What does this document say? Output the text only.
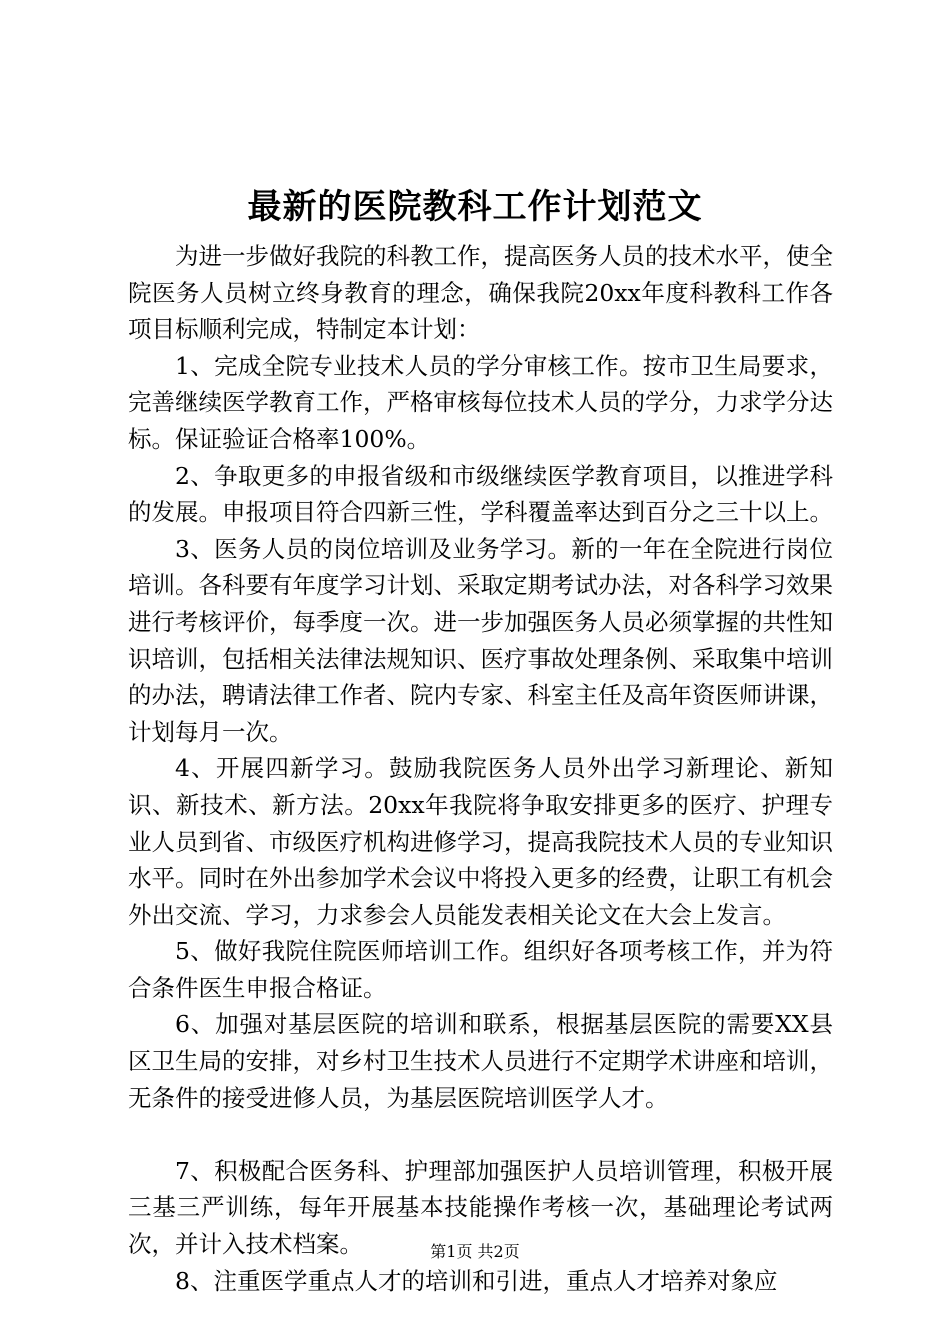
最新的医院教科工作计划范文

为进一步做好我院的科教工作，提高医务人员的技术水平，使全院医务人员树立终身教育的理念，确保我院20xx年度科教科工作各项目标顺利完成，特制定本计划：

1、完成全院专业技术人员的学分审核工作。按市卫生局要求，完善继续医学教育工作，严格审核每位技术人员的学分，力求学分达标。保证验证合格率100%。

2、争取更多的申报省级和市级继续医学教育项目，以推进学科的发展。申报项目符合四新三性，学科覆盖率达到百分之三十以上。

3、医务人员的岗位培训及业务学习。新的一年在全院进行岗位培训。各科要有年度学习计划、采取定期考试办法，对各科学习效果进行考核评价，每季度一次。进一步加强医务人员必须掌握的共性知识培训，包括相关法律法规知识、医疗事故处理条例、采取集中培训的办法，聘请法律工作者、院内专家、科室主任及高年资医师讲课，计划每月一次。

4、开展四新学习。鼓励我院医务人员外出学习新理论、新知识、新技术、新方法。20xx年我院将争取安排更多的医疗、护理专业人员到省、市级医疗机构进修学习，提高我院技术人员的专业知识水平。同时在外出参加学术会议中将投入更多的经费，让职工有机会外出交流、学习，力求参会人员能发表相关论文在大会上发言。

5、做好我院住院医师培训工作。组织好各项考核工作，并为符合条件医生申报合格证。

6、加强对基层医院的培训和联系，根据基层医院的需要XX县区卫生局的安排，对乡村卫生技术人员进行不定期学术讲座和培训，无条件的接受进修人员，为基层医院培训医学人才。

7、积极配合医务科、护理部加强医护人员培训管理，积极开展三基三严训练，每年开展基本技能操作考核一次，基础理论考试两次，并计入技术档案。

8、注重医学重点人才的培训和引进，重点人才培养对象应

第1页 共2页
